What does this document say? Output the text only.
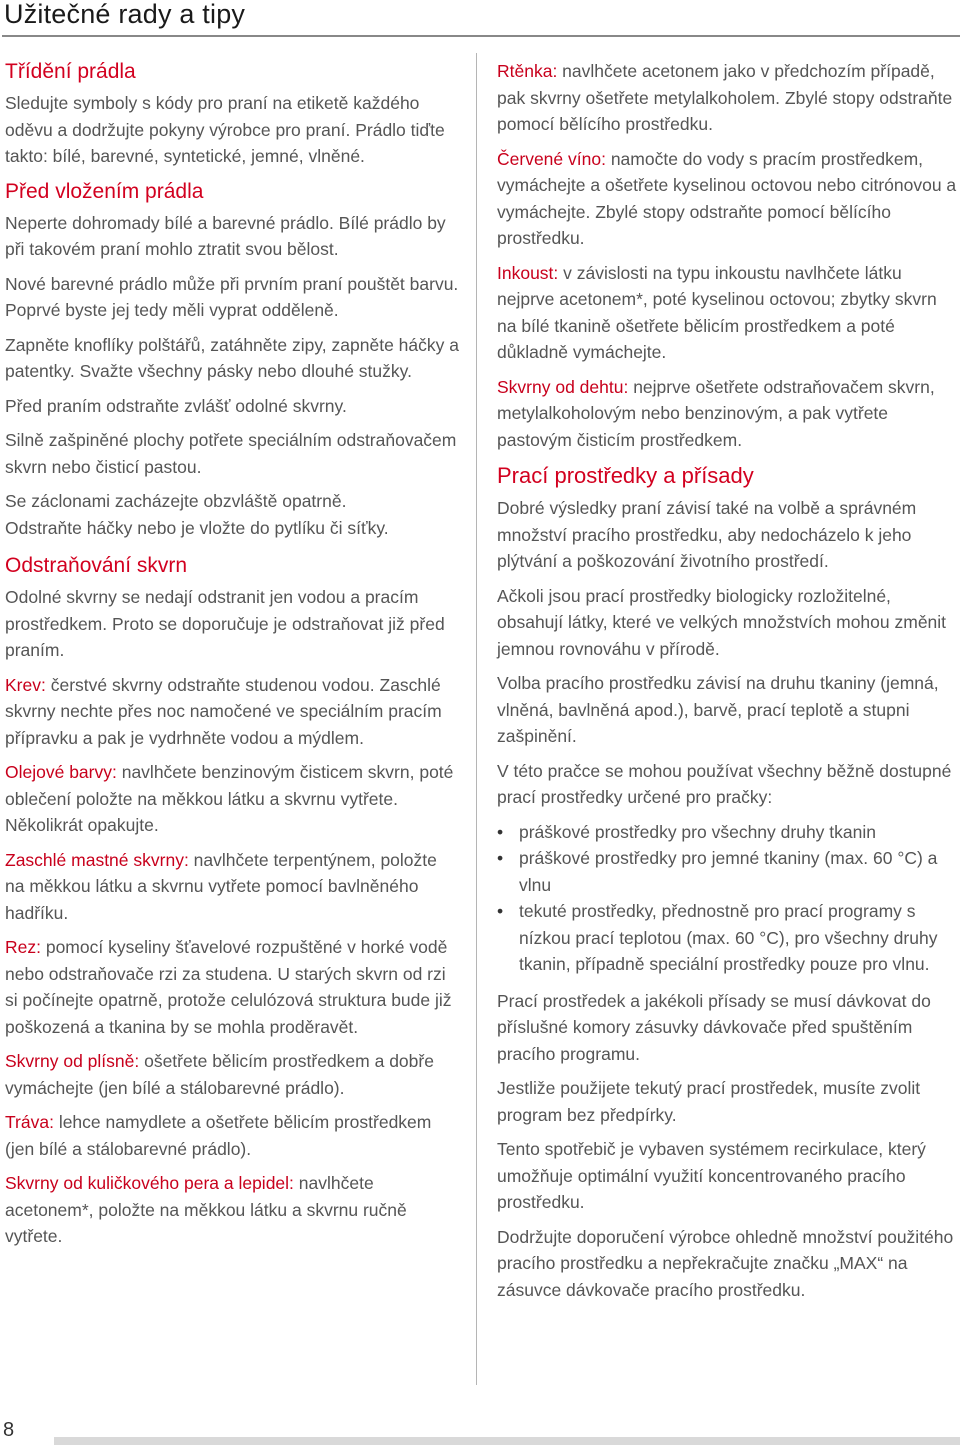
Užitečné rady a tipy
Třídění prádla

Sledujte symboly s kódy pro praní na etiketě každého oděvu a dodržujte pokyny výrobce pro praní. Prádlo tiďte takto: bílé, barevné, syntetické, jemné, vlněné.

Před vložením prádla

Neperte dohromady bílé a barevné prádlo. Bílé prádlo by při takovém praní mohlo ztratit svou bělost.

Nové barevné prádlo může při prvním praní pouštět barvu. Poprvé byste jej tedy měli vyprat odděleně.

Zapněte knoflíky polštářů, zatáhněte zipy, zapněte háčky a patentky. Svažte všechny pásky nebo dlouhé stužky.

Před praním odstraňte zvlášť odolné skvrny.

Silně zašpiněné plochy potřete speciálním odstraňovačem skvrn nebo čisticí pastou.

Se záclonami zacházejte obzvláště opatrně.

Odstraňte háčky nebo je vložte do pytlíku či síťky.

Odstraňování skvrn

Odolné skvrny se nedají odstranit jen vodou a pracím prostředkem. Proto se doporučuje je odstraňovat již před praním.

Krev: čerstvé skvrny odstraňte studenou vodou. Zaschlé skvrny nechte přes noc namočené ve speciálním pracím přípravku a pak je vydrhněte vodou a mýdlem.

Olejové barvy: navlhčete benzinovým čisticem skvrn, poté oblečení položte na měkkou látku a skvrnu vytřete. Několikrát opakujte.

Zaschlé mastné skvrny: navlhčete terpentýnem, položte na měkkou látku a skvrnu vytřete pomocí bavlněného hadříku.

Rez: pomocí kyseliny šťavelové rozpuštěné v horké vodě nebo odstraňovače rzi za studena. U starých skvrn od rzi si počínejte opatrně, protože celulózová struktura bude již poškozená a tkanina by se mohla proděravět.

Skvrny od plísně: ošetřete bělicím prostředkem a dobře vymáchejte (jen bílé a stálobarevné prádlo).

Tráva: lehce namydlete a ošetřete bělicím prostředkem (jen bílé a stálobarevné prádlo).

Skvrny od kuličkového pera a lepidel: navlhčete acetonem*, položte na měkkou látku a skvrnu ručně vytřete.

Rtěnka: navlhčete acetonem jako v předchozím případě, pak skvrny ošetřete metylalkoholem. Zbylé stopy odstraňte pomocí bělícího prostředku.

Červené víno: namočte do vody s pracím prostředkem, vymáchejte a ošetřete kyselinou octovou nebo citrónovou a vymáchejte. Zbylé stopy odstraňte pomocí bělícího prostředku.

Inkoust: v závislosti na typu inkoustu navlhčete látku nejprve acetonem*, poté kyselinou octovou; zbytky skvrn na bílé tkanině ošetřete bělicím prostředkem a poté důkladně vymáchejte.

Skvrny od dehtu: nejprve ošetřete odstraňovačem skvrn, metylalkoholovým nebo benzinovým, a pak vytřete pastovým čisticím prostředkem.

Prací prostředky a přísady

Dobré výsledky praní závisí také na volbě a správném množství pracího prostředku, aby nedocházelo k jeho plýtvání a poškozování životního prostředí.

Ačkoli jsou prací prostředky biologicky rozložitelné, obsahují látky, které ve velkých množstvích mohou změnit jemnou rovnováhu v přírodě.

Volba pracího prostředku závisí na druhu tkaniny (jemná, vlněná, bavlněná apod.), barvě, prací teplotě a stupni zašpinění.

V této pračce se mohou používat všechny běžně dostupné prací prostředky určené pro pračky:

• práškové prostředky pro všechny druhy tkanin
• práškové prostředky pro jemné tkaniny (max. 60 °C) a vlnu
• tekuté prostředky, přednostně pro prací programy s nízkou prací teplotou (max. 60 °C), pro všechny druhy tkanin, případně speciální prostředky pouze pro vlnu.

Prací prostředek a jakékoli přísady se musí dávkovat do příslušné komory zásuvky dávkovače před spuštěním pracího programu.

Jestliže použijete tekutý prací prostředek, musíte zvolit program bez předpírky.

Tento spotřebič je vybaven systémem recirkulace, který umožňuje optimální využití koncentrovaného pracího prostředku.

Dodržujte doporučení výrobce ohledně množství použitého pracího prostředku a nepřekračujte značku „MAX“ na zásuvce dávkovače pracího prostředku.

8
